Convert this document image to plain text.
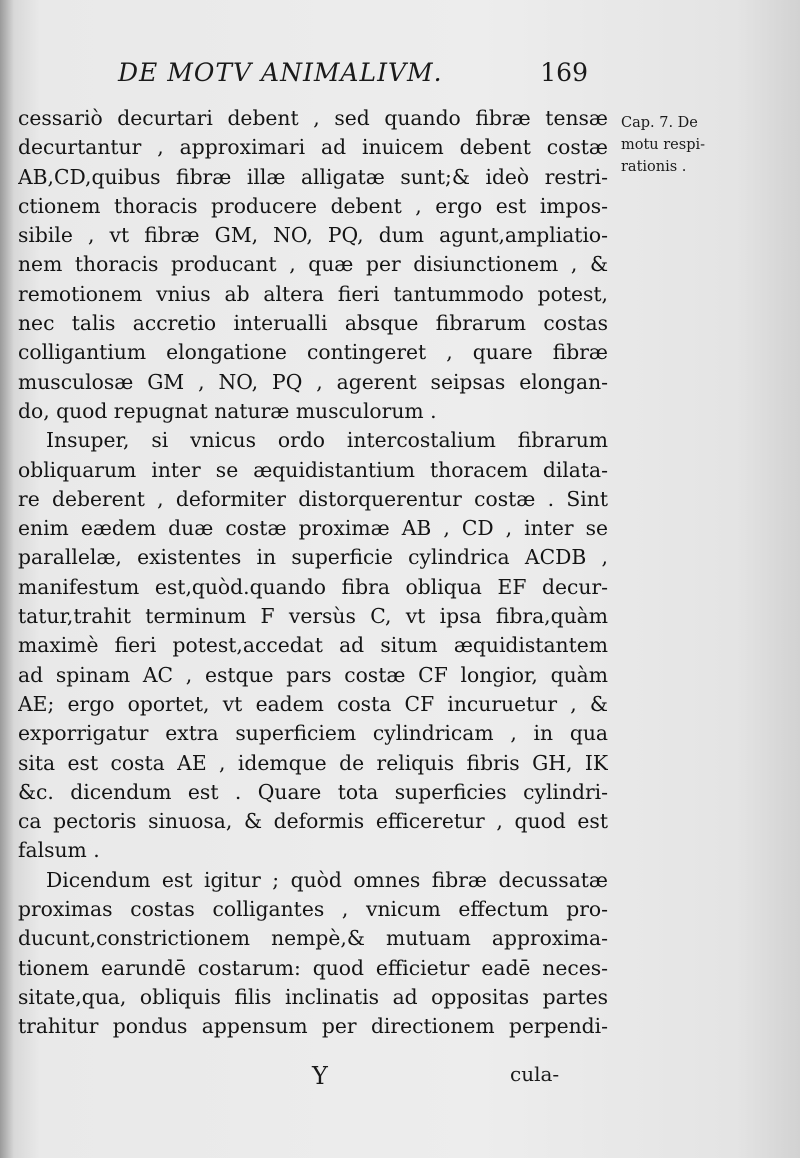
DE MOTV ANIMALIVM.	169
cessariò decurtari debent , sed quando fibræ tensæ
decurtantur , approximari ad inuicem debent costæ
AB,CD,quibus fibræ illæ alligatæ sunt;& ideò restri-
ctionem thoracis producere debent , ergo est impos-
sibile , vt fibræ GM, NO, PQ, dum agunt,ampliatio-
nem thoracis producant , quæ per disiunctionem , &
remotionem vnius ab altera fieri tantummodo potest,
nec talis accretio interualli absque fibrarum costas
colligantium elongatione contingeret , quare fibræ
musculosæ GM , NO, PQ , agerent seipsas elongan-
do, quod repugnat naturæ musculorum .
Insuper, si vnicus ordo intercostalium fibrarum
obliquarum inter se æquidistantium thoracem dilata-
re deberent , deformiter distorquerentur costæ . Sint
enim eædem duæ costæ proximæ AB , CD , inter se
parallelæ, existentes in superficie cylindrica ACDB ,
manifestum est,quòd.quando fibra obliqua EF decur-
tatur,trahit terminum F versùs C, vt ipsa fibra,quàm
maximè fieri potest,accedat ad situm æquidistantem
ad spinam AC , estque pars costæ CF longior, quàm
AE; ergo oportet, vt eadem costa CF incuruetur , &
exporrigatur extra superficiem cylindricam , in qua
sita est costa AE , idemque de reliquis fibris GH, IK
&c. dicendum est . Quare tota superficies cylindri-
ca pectoris sinuosa, & deformis efficeretur , quod est
falsum .
Dicendum est igitur ; quòd omnes fibræ decussatæ
proximas costas colligantes , vnicum effectum pro-
ducunt,constrictionem nempè,& mutuam approxima-
tionem earundē costarum: quod efficietur eadē neces-
sitate,qua, obliquis filis inclinatis ad oppositas partes
trahitur pondus appensum per directionem perpendi-
Cap. 7. De
motu respi-
rationis .
Y	cula-
